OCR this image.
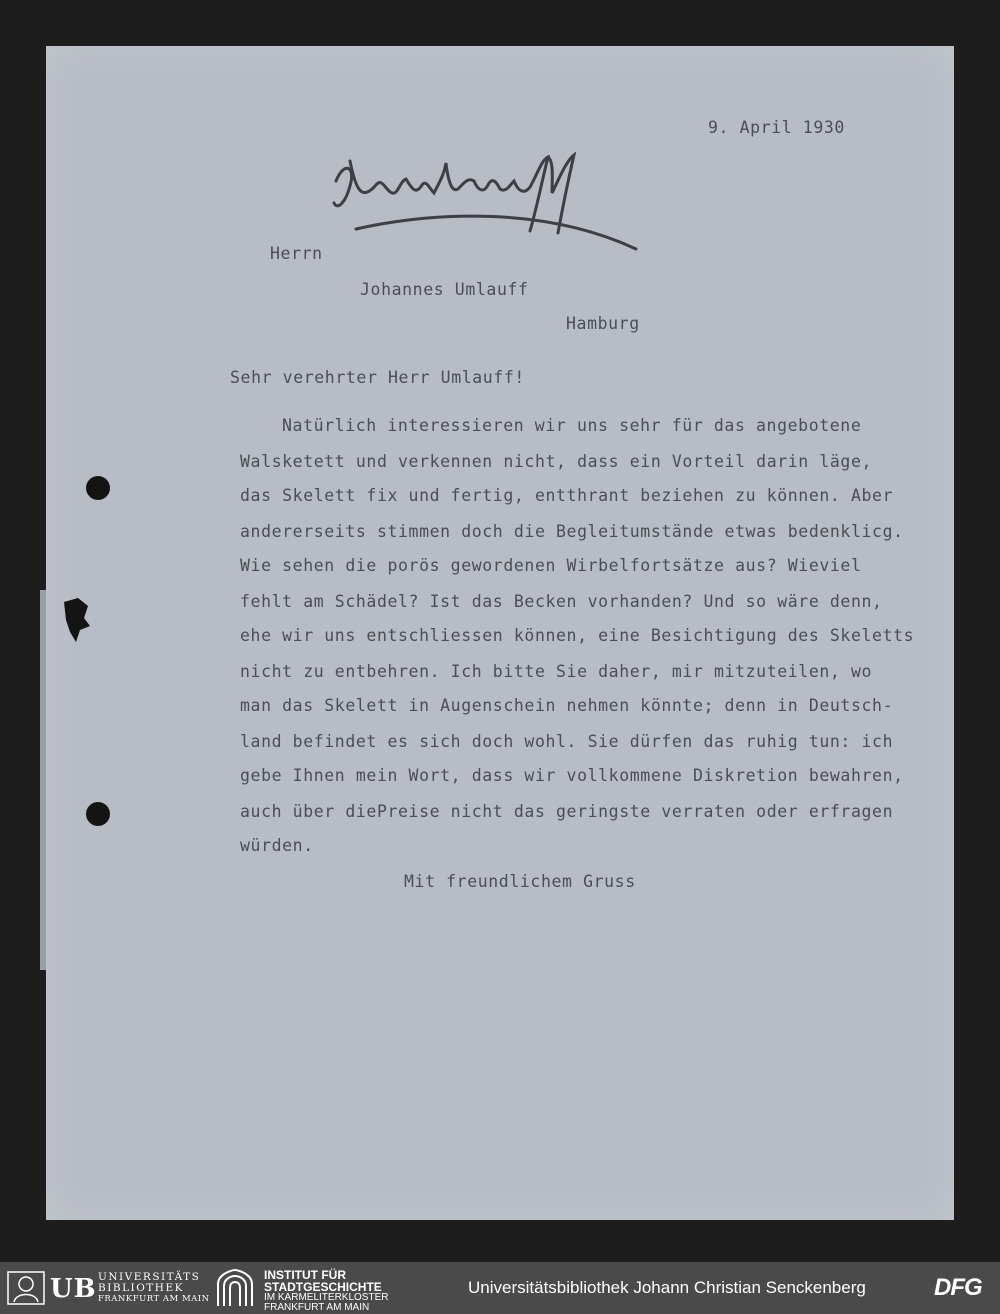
9. April 1930
Herrn
Johannes Umlauff
Hamburg
Sehr verehrter Herr Umlauff!
Natürlich interessieren wir uns sehr für das angebotene
Walsketett und verkennen nicht, dass ein Vorteil darin läge,
das Skelett fix und fertig, entthrant beziehen zu können. Aber
andererseits stimmen doch die Begleitumstände etwas bedenklicg.
Wie sehen die porös gewordenen Wirbelfortsätze aus? Wieviel
fehlt am Schädel? Ist das Becken vorhanden? Und so wäre denn,
ehe wir uns entschliessen können, eine Besichtigung des Skeletts
nicht zu entbehren. Ich bitte Sie daher, mir mitzuteilen, wo
man das Skelett in Augenschein nehmen könnte; denn in Deutsch-
land befindet es sich doch wohl. Sie dürfen das ruhig tun: ich
gebe Ihnen mein Wort, dass wir vollkommene Diskretion bewahren,
auch über diePreise nicht das geringste verraten oder erfragen
würden.
Mit freundlichem Gruss
UB UNIVERSITÄTS
BIBLIOTHEK
FRANKFURT AM MAIN
INSTITUT FÜR
STADTGESCHICHTE
IM KARMELITERKLOSTER
FRANKFURT AM MAIN
Universitätsbibliothek Johann Christian Senckenberg	DFG
